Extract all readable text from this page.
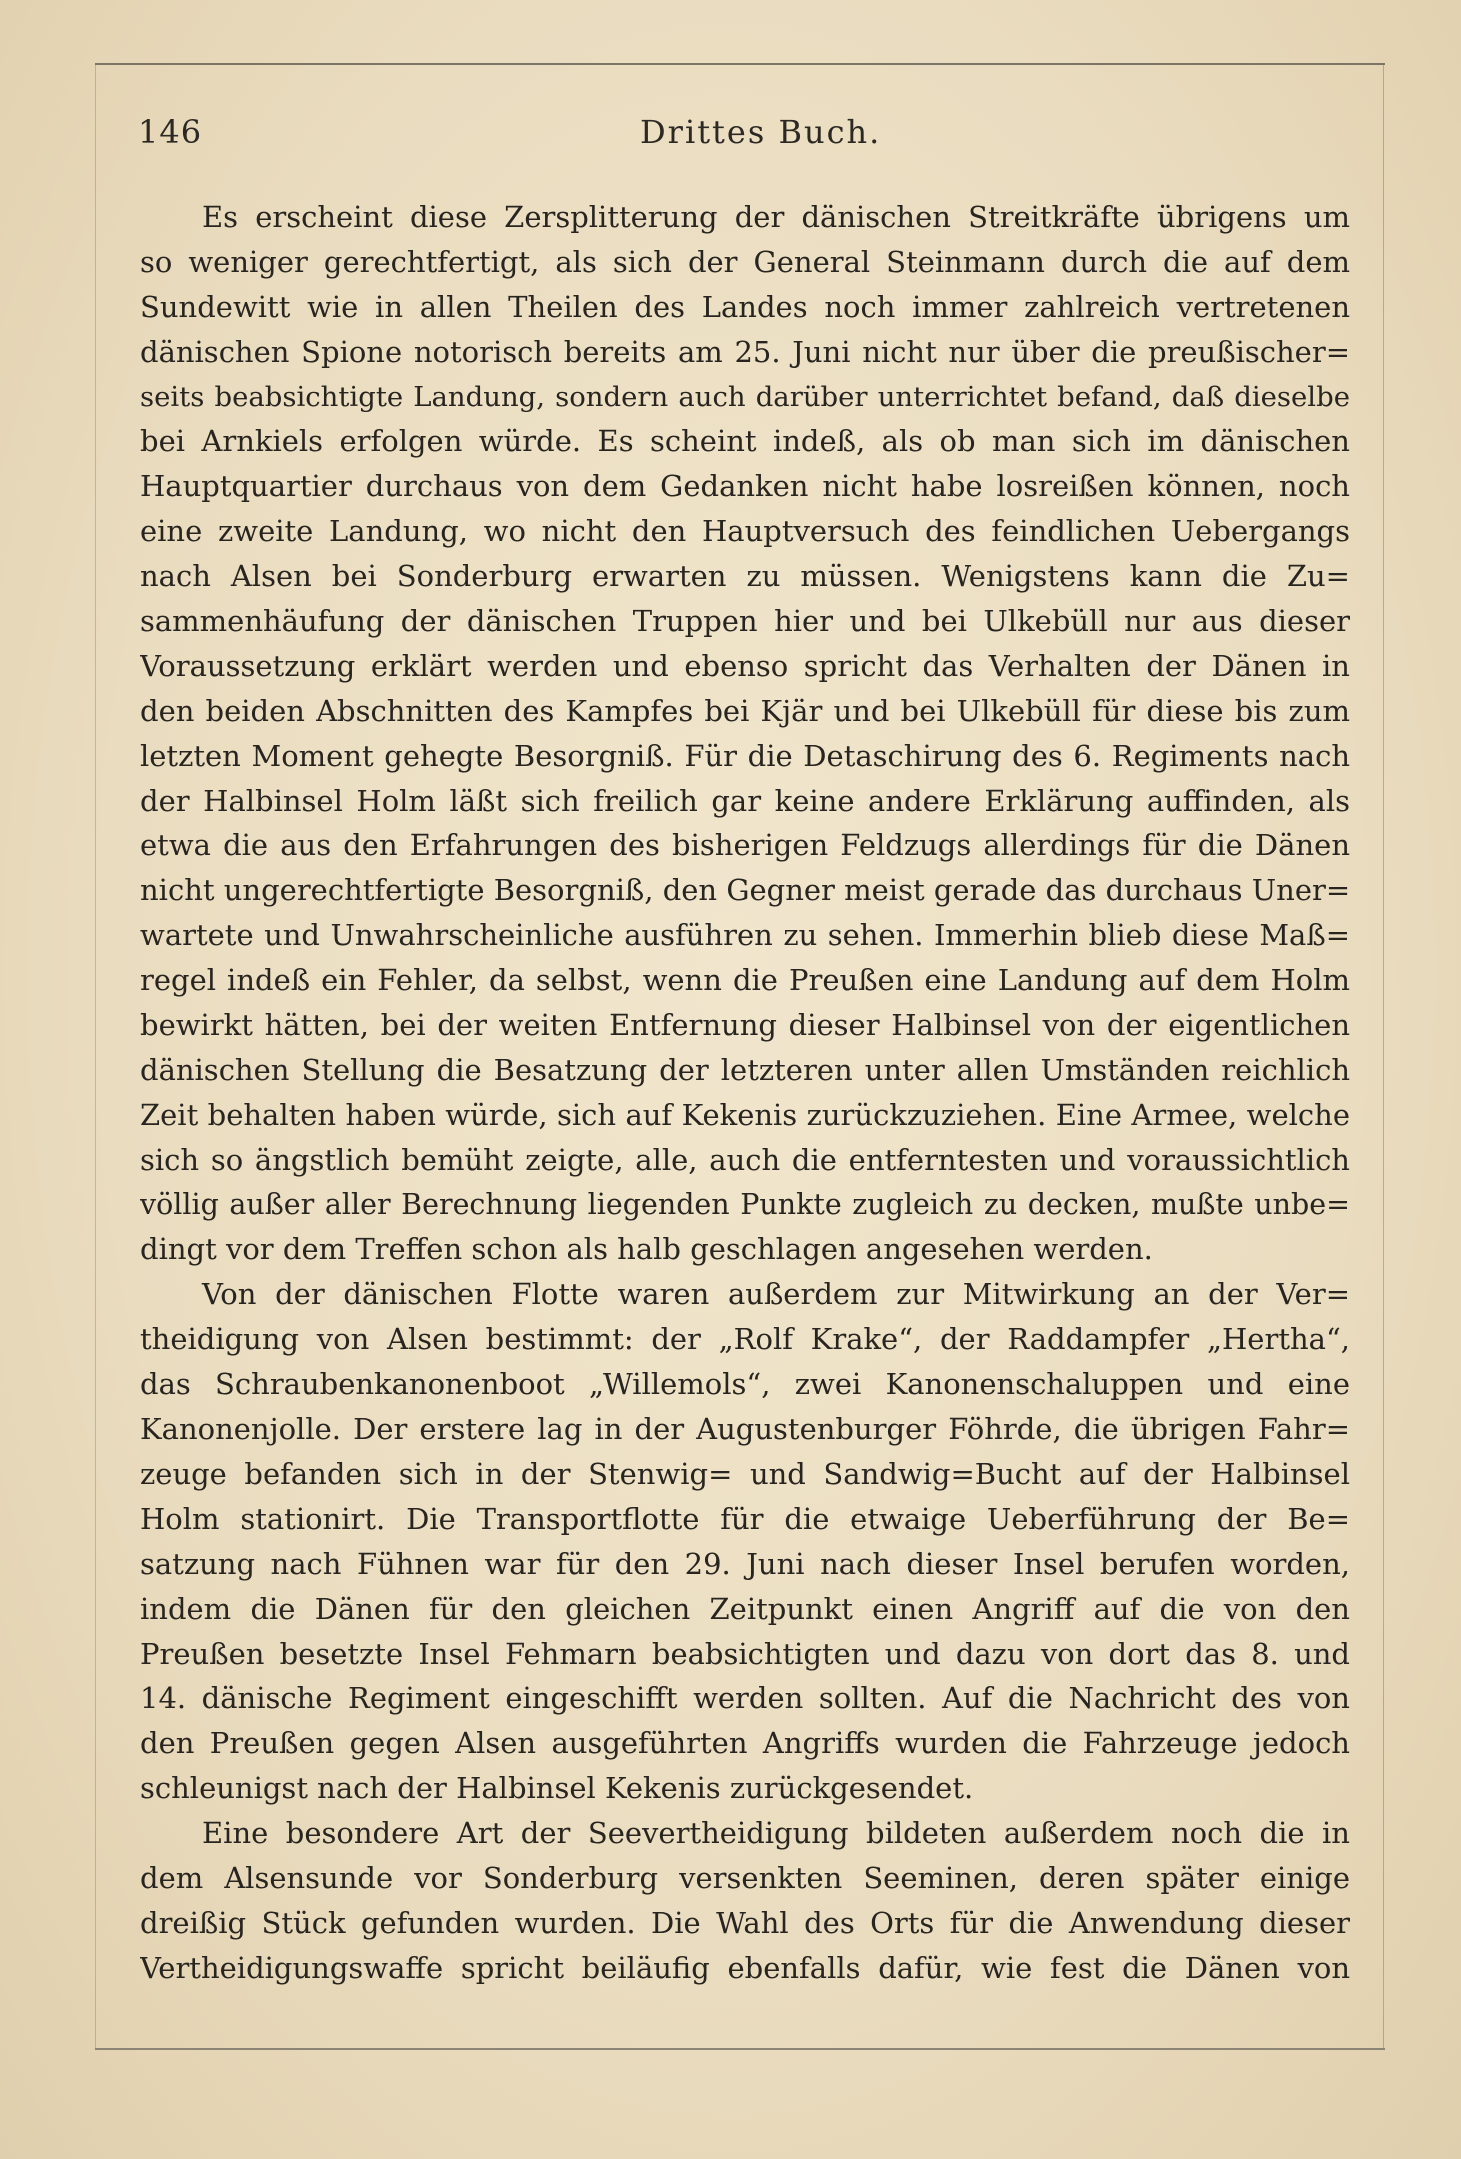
146	Drittes Buch.
Es erscheint diese Zersplitterung der dänischen Streitkräfte übrigens um
so weniger gerechtfertigt, als sich der General Steinmann durch die auf dem
Sundewitt wie in allen Theilen des Landes noch immer zahlreich vertretenen
dänischen Spione notorisch bereits am 25. Juni nicht nur über die preußischer=
seits beabsichtigte Landung, sondern auch darüber unterrichtet befand, daß dieselbe
bei Arnkiels erfolgen würde. Es scheint indeß, als ob man sich im dänischen
Hauptquartier durchaus von dem Gedanken nicht habe losreißen können, noch
eine zweite Landung, wo nicht den Hauptversuch des feindlichen Uebergangs
nach Alsen bei Sonderburg erwarten zu müssen. Wenigstens kann die Zu=
sammenhäufung der dänischen Truppen hier und bei Ulkebüll nur aus dieser
Voraussetzung erklärt werden und ebenso spricht das Verhalten der Dänen in
den beiden Abschnitten des Kampfes bei Kjär und bei Ulkebüll für diese bis zum
letzten Moment gehegte Besorgniß. Für die Detaschirung des 6. Regiments nach
der Halbinsel Holm läßt sich freilich gar keine andere Erklärung auffinden, als
etwa die aus den Erfahrungen des bisherigen Feldzugs allerdings für die Dänen
nicht ungerechtfertigte Besorgniß, den Gegner meist gerade das durchaus Uner=
wartete und Unwahrscheinliche ausführen zu sehen. Immerhin blieb diese Maß=
regel indeß ein Fehler, da selbst, wenn die Preußen eine Landung auf dem Holm
bewirkt hätten, bei der weiten Entfernung dieser Halbinsel von der eigentlichen
dänischen Stellung die Besatzung der letzteren unter allen Umständen reichlich
Zeit behalten haben würde, sich auf Kekenis zurückzuziehen. Eine Armee, welche
sich so ängstlich bemüht zeigte, alle, auch die entferntesten und voraussichtlich
völlig außer aller Berechnung liegenden Punkte zugleich zu decken, mußte unbe=
dingt vor dem Treffen schon als halb geschlagen angesehen werden.
Von der dänischen Flotte waren außerdem zur Mitwirkung an der Ver=
theidigung von Alsen bestimmt: der „Rolf Krake“, der Raddampfer „Hertha“,
das Schraubenkanonenboot „Willemols“, zwei Kanonenschaluppen und eine
Kanonenjolle. Der erstere lag in der Augustenburger Föhrde, die übrigen Fahr=
zeuge befanden sich in der Stenwig= und Sandwig=Bucht auf der Halbinsel
Holm stationirt. Die Transportflotte für die etwaige Ueberführung der Be=
satzung nach Fühnen war für den 29. Juni nach dieser Insel berufen worden,
indem die Dänen für den gleichen Zeitpunkt einen Angriff auf die von den
Preußen besetzte Insel Fehmarn beabsichtigten und dazu von dort das 8. und
14. dänische Regiment eingeschifft werden sollten. Auf die Nachricht des von
den Preußen gegen Alsen ausgeführten Angriffs wurden die Fahrzeuge jedoch
schleunigst nach der Halbinsel Kekenis zurückgesendet.
Eine besondere Art der Seevertheidigung bildeten außerdem noch die in
dem Alsensunde vor Sonderburg versenkten Seeminen, deren später einige
dreißig Stück gefunden wurden. Die Wahl des Orts für die Anwendung dieser
Vertheidigungswaffe spricht beiläufig ebenfalls dafür, wie fest die Dänen von
